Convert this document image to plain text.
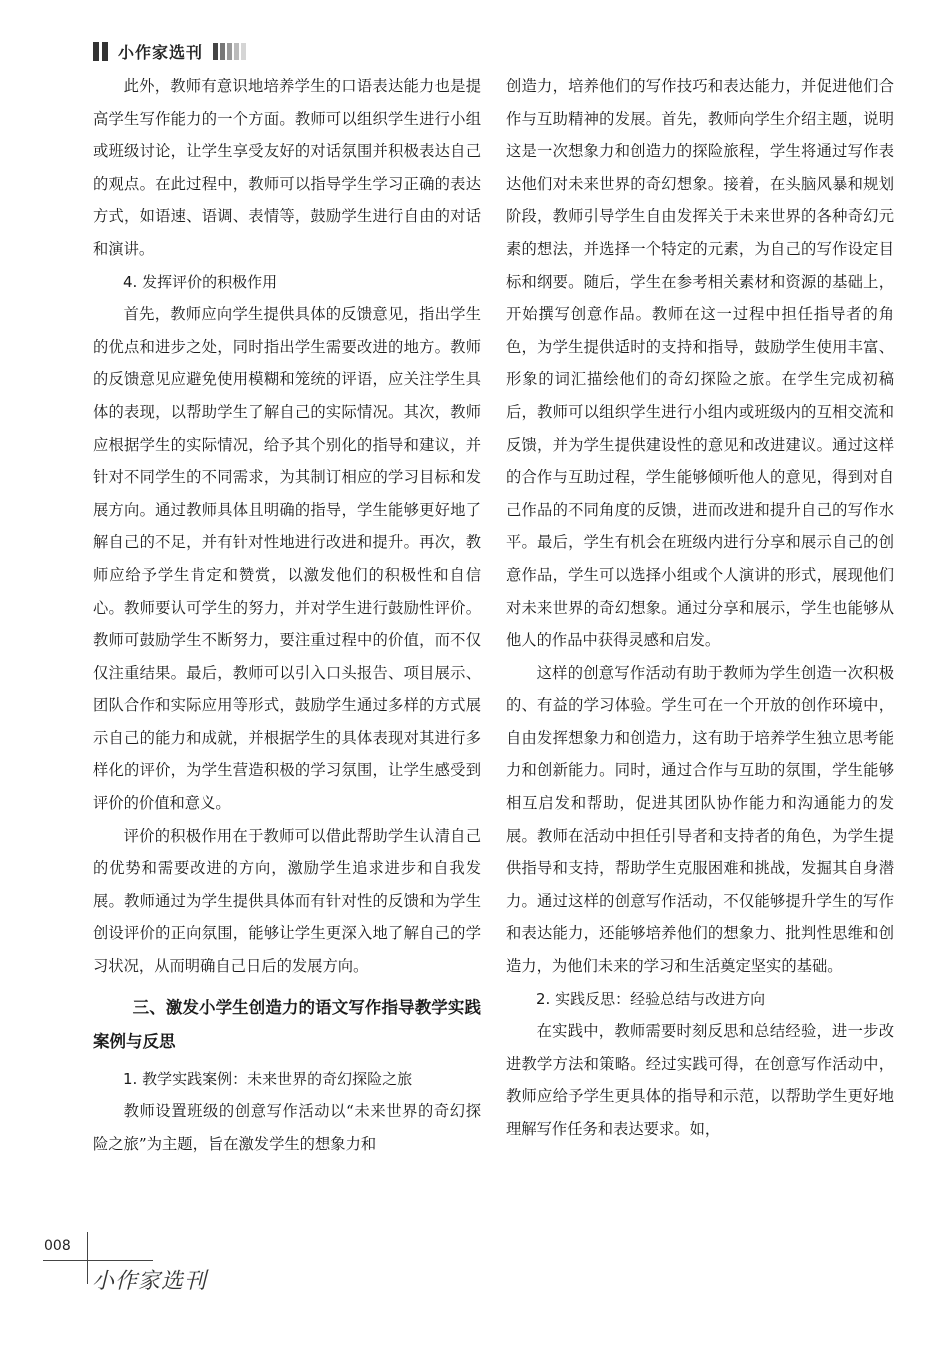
小作家选刊

此外，教师有意识地培养学生的口语表达能力也是提高学生写作能力的一个方面。教师可以组织学生进行小组或班级讨论，让学生享受友好的对话氛围并积极表达自己的观点。在此过程中，教师可以指导学生学习正确的表达方式，如语速、语调、表情等，鼓励学生进行自由的对话和演讲。

4. 发挥评价的积极作用

首先，教师应向学生提供具体的反馈意见，指出学生的优点和进步之处，同时指出学生需要改进的地方。教师的反馈意见应避免使用模糊和笼统的评语，应关注学生具体的表现，以帮助学生了解自己的实际情况。其次，教师应根据学生的实际情况，给予其个别化的指导和建议，并针对不同学生的不同需求，为其制订相应的学习目标和发展方向。通过教师具体且明确的指导，学生能够更好地了解自己的不足，并有针对性地进行改进和提升。再次，教师应给予学生肯定和赞赏，以激发他们的积极性和自信心。教师要认可学生的努力，并对学生进行鼓励性评价。教师可鼓励学生不断努力，要注重过程中的价值，而不仅仅注重结果。最后，教师可以引入口头报告、项目展示、团队合作和实际应用等形式，鼓励学生通过多样的方式展示自己的能力和成就，并根据学生的具体表现对其进行多样化的评价，为学生营造积极的学习氛围，让学生感受到评价的价值和意义。

评价的积极作用在于教师可以借此帮助学生认清自己的优势和需要改进的方向，激励学生追求进步和自我发展。教师通过为学生提供具体而有针对性的反馈和为学生创设评价的正向氛围，能够让学生更深入地了解自己的学习状况，从而明确自己日后的发展方向。

三、激发小学生创造力的语文写作指导教学实践案例与反思

1. 教学实践案例：未来世界的奇幻探险之旅

教师设置班级的创意写作活动以“未来世界的奇幻探险之旅”为主题，旨在激发学生的想象力和

创造力，培养他们的写作技巧和表达能力，并促进他们合作与互助精神的发展。首先，教师向学生介绍主题，说明这是一次想象力和创造力的探险旅程，学生将通过写作表达他们对未来世界的奇幻想象。接着，在头脑风暴和规划阶段，教师引导学生自由发挥关于未来世界的各种奇幻元素的想法，并选择一个特定的元素，为自己的写作设定目标和纲要。随后，学生在参考相关素材和资源的基础上，开始撰写创意作品。教师在这一过程中担任指导者的角色，为学生提供适时的支持和指导，鼓励学生使用丰富、形象的词汇描绘他们的奇幻探险之旅。在学生完成初稿后，教师可以组织学生进行小组内或班级内的互相交流和反馈，并为学生提供建设性的意见和改进建议。通过这样的合作与互助过程，学生能够倾听他人的意见，得到对自己作品的不同角度的反馈，进而改进和提升自己的写作水平。最后，学生有机会在班级内进行分享和展示自己的创意作品，学生可以选择小组或个人演讲的形式，展现他们对未来世界的奇幻想象。通过分享和展示，学生也能够从他人的作品中获得灵感和启发。

这样的创意写作活动有助于教师为学生创造一次积极的、有益的学习体验。学生可在一个开放的创作环境中，自由发挥想象力和创造力，这有助于培养学生独立思考能力和创新能力。同时，通过合作与互助的氛围，学生能够相互启发和帮助，促进其团队协作能力和沟通能力的发展。教师在活动中担任引导者和支持者的角色，为学生提供指导和支持，帮助学生克服困难和挑战，发掘其自身潜力。通过这样的创意写作活动，不仅能够提升学生的写作和表达能力，还能够培养他们的想象力、批判性思维和创造力，为他们未来的学习和生活奠定坚实的基础。

2. 实践反思：经验总结与改进方向

在实践中，教师需要时刻反思和总结经验，进一步改进教学方法和策略。经过实践可得，在创意写作活动中，教师应给予学生更具体的指导和示范，以帮助学生更好地理解写作任务和表达要求。如，

008
小作家选刊
